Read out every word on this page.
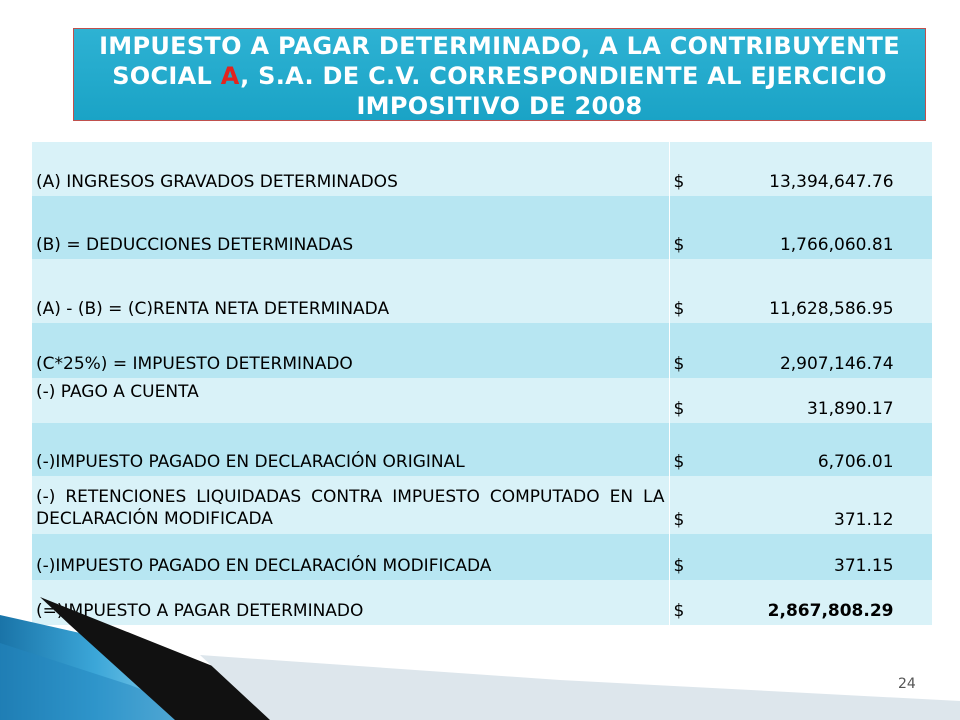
IMPUESTO A PAGAR DETERMINADO, A LA CONTRIBUYENTE
SOCIAL A, S.A. DE C.V. CORRESPONDIENTE AL EJERCICIO
IMPOSITIVO DE 2008
(A) INGRESOS GRAVADOS DETERMINADOS	$ 13,394,647.76
(B) = DEDUCCIONES DETERMINADAS	$ 1,766,060.81
(A) - (B) = (C)RENTA NETA DETERMINADA	$ 11,628,586.95
(C*25%) = IMPUESTO DETERMINADO	$ 2,907,146.74
(-) PAGO A CUENTA	$ 31,890.17
(-)IMPUESTO PAGADO EN DECLARACIÓN ORIGINAL	$ 6,706.01
(-) RETENCIONES LIQUIDADAS CONTRA IMPUESTO COMPUTADO EN LA DECLARACIÓN MODIFICADA	$ 371.12
(-)IMPUESTO PAGADO EN DECLARACIÓN MODIFICADA	$ 371.15
(=)IMPUESTO A PAGAR DETERMINADO	$ 2,867,808.29
24
